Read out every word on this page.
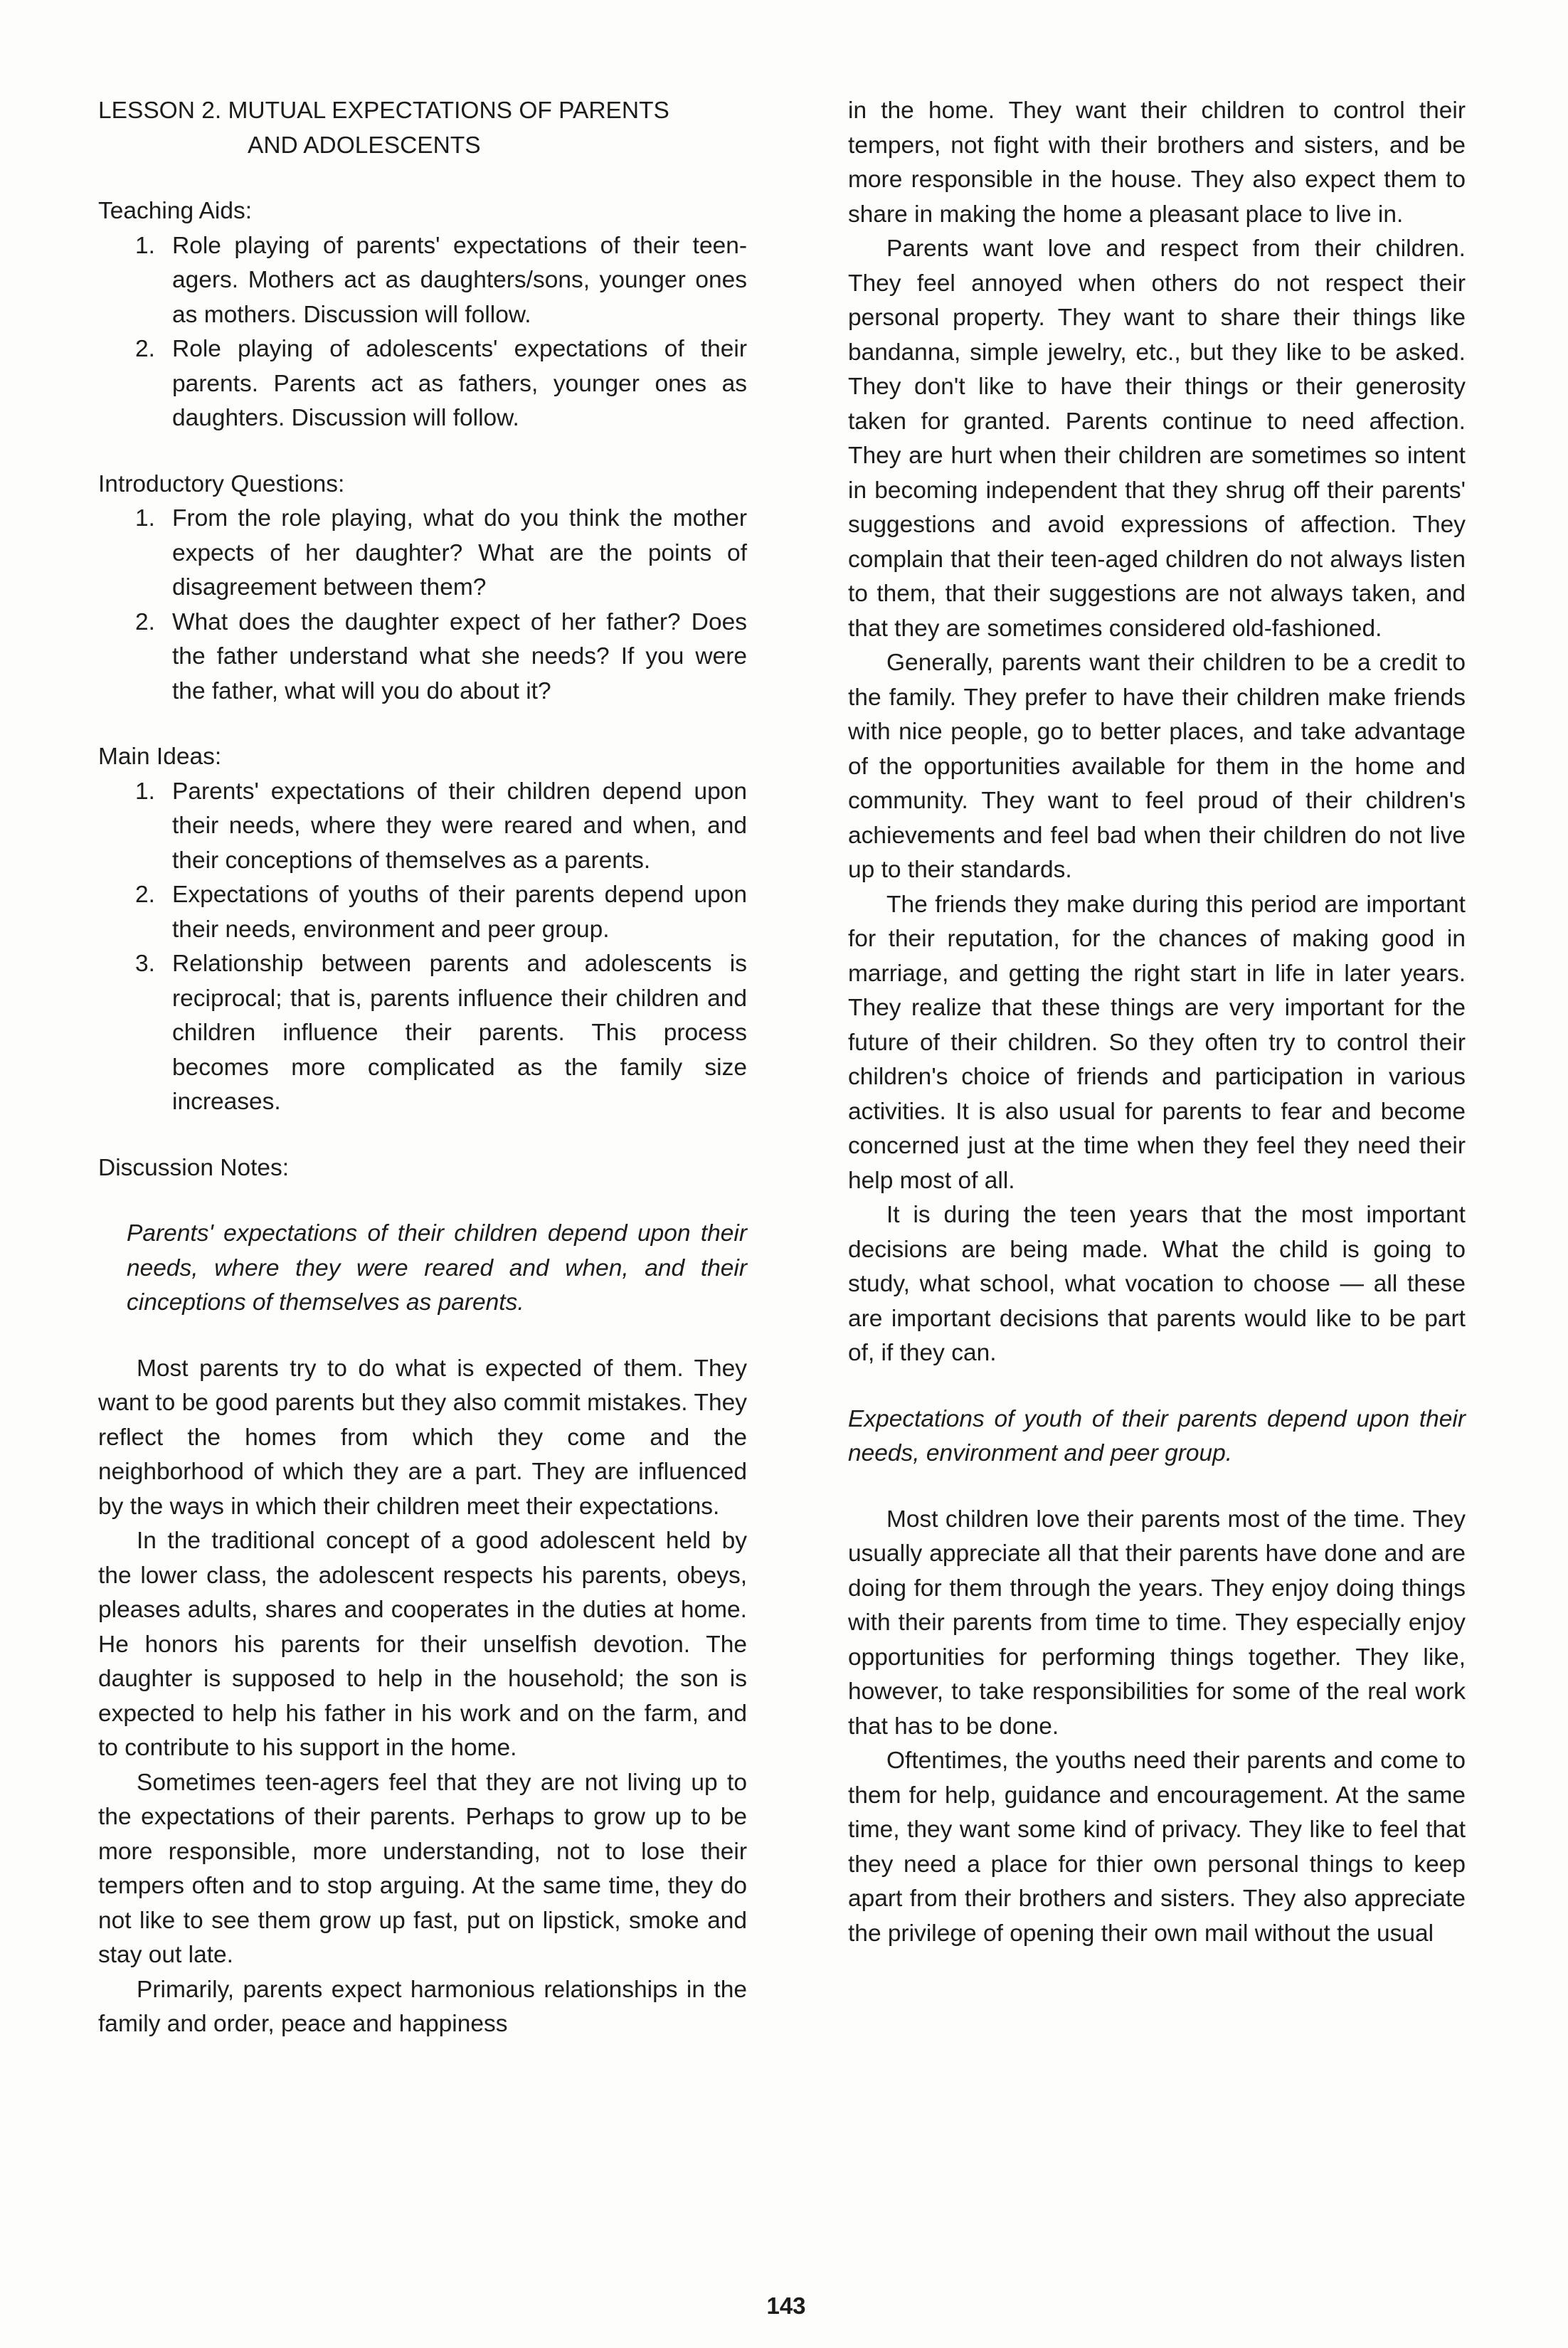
LESSON 2. MUTUAL EXPECTATIONS OF PARENTS
AND ADOLESCENTS

Teaching Aids:

1. Role playing of parents' expectations of their teen-agers. Mothers act as daughters/sons, younger ones as mothers. Discussion will follow.
2. Role playing of adolescents' expectations of their parents. Parents act as fathers, younger ones as daughters. Discussion will follow.

Introductory Questions:

1. From the role playing, what do you think the mother expects of her daughter? What are the points of disagreement between them?
2. What does the daughter expect of her father? Does the father understand what she needs? If you were the father, what will you do about it?

Main Ideas:

1. Parents' expectations of their children depend upon their needs, where they were reared and when, and their conceptions of themselves as a parents.
2. Expectations of youths of their parents depend upon their needs, environment and peer group.
3. Relationship between parents and adolescents is reciprocal; that is, parents influence their children and children influence their parents. This process becomes more complicated as the family size increases.

Discussion Notes:

Parents' expectations of their children depend upon their needs, where they were reared and when, and their cinceptions of themselves as parents.

Most parents try to do what is expected of them. They want to be good parents but they also commit mistakes. They reflect the homes from which they come and the neighborhood of which they are a part. They are influenced by the ways in which their children meet their expectations.

In the traditional concept of a good adolescent held by the lower class, the adolescent respects his parents, obeys, pleases adults, shares and cooperates in the duties at home. He honors his parents for their unselfish devotion. The daughter is supposed to help in the household; the son is expected to help his father in his work and on the farm, and to contribute to his support in the home.

Sometimes teen-agers feel that they are not living up to the expectations of their parents. Perhaps to grow up to be more responsible, more understanding, not to lose their tempers often and to stop arguing. At the same time, they do not like to see them grow up fast, put on lipstick, smoke and stay out late.

Primarily, parents expect harmonious relationships in the family and order, peace and happiness

in the home. They want their children to control their tempers, not fight with their brothers and sisters, and be more responsible in the house. They also expect them to share in making the home a pleasant place to live in.

Parents want love and respect from their children. They feel annoyed when others do not respect their personal property. They want to share their things like bandanna, simple jewelry, etc., but they like to be asked. They don't like to have their things or their generosity taken for granted. Parents continue to need affection. They are hurt when their children are sometimes so intent in becoming independent that they shrug off their parents' suggestions and avoid expressions of affection. They complain that their teen-aged children do not always listen to them, that their suggestions are not always taken, and that they are sometimes considered old-fashioned.

Generally, parents want their children to be a credit to the family. They prefer to have their children make friends with nice people, go to better places, and take advantage of the opportunities available for them in the home and community. They want to feel proud of their children's achievements and feel bad when their children do not live up to their standards.

The friends they make during this period are important for their reputation, for the chances of making good in marriage, and getting the right start in life in later years. They realize that these things are very important for the future of their children. So they often try to control their children's choice of friends and participation in various activities. It is also usual for parents to fear and become concerned just at the time when they feel they need their help most of all.

It is during the teen years that the most important decisions are being made. What the child is going to study, what school, what vocation to choose — all these are important decisions that parents would like to be part of, if they can.

Expectations of youth of their parents depend upon their needs, environment and peer group.

Most children love their parents most of the time. They usually appreciate all that their parents have done and are doing for them through the years. They enjoy doing things with their parents from time to time. They especially enjoy opportunities for performing things together. They like, however, to take responsibilities for some of the real work that has to be done.

Oftentimes, the youths need their parents and come to them for help, guidance and encouragement. At the same time, they want some kind of privacy. They like to feel that they need a place for thier own personal things to keep apart from their brothers and sisters. They also appreciate the privilege of opening their own mail without the usual

143
